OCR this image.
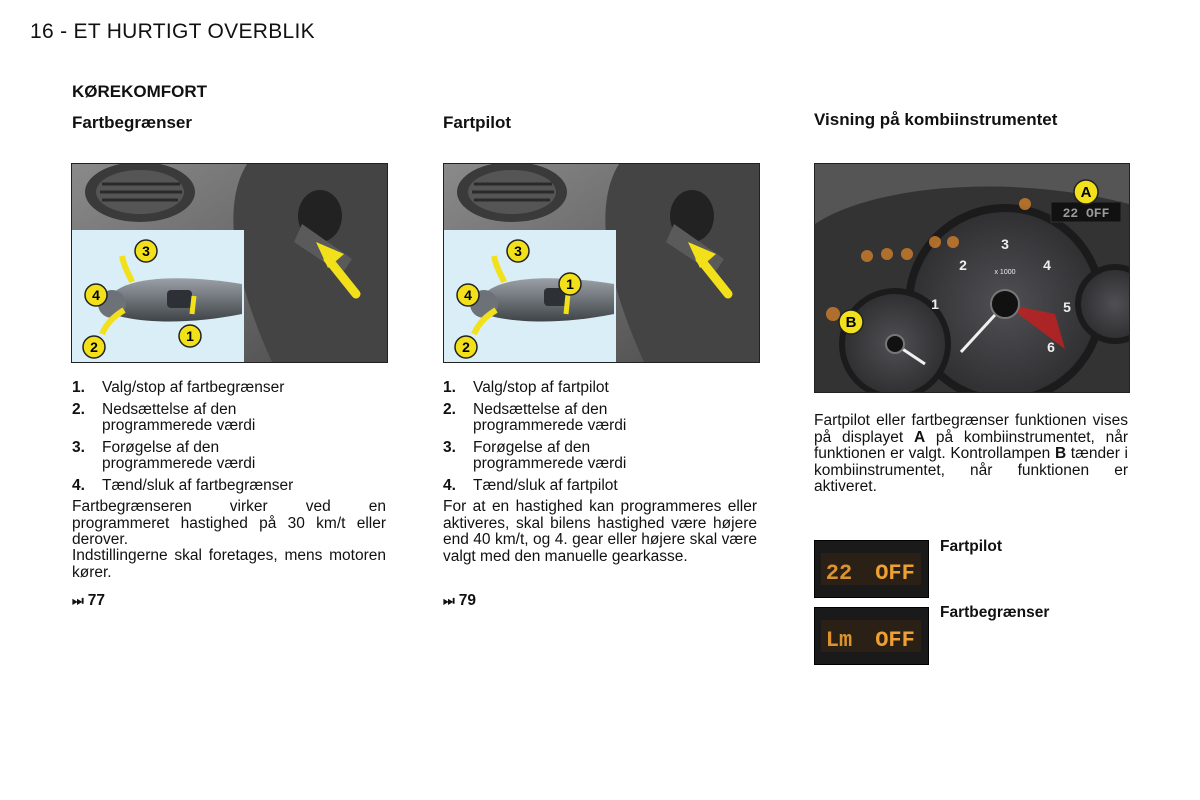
16 - ET HURTIGT OVERBLIK
KØREKOMFORT
Fartbegrænser
1
2
3
4
1.	Valg/stop af fartbegrænser
2.	Nedsættelse af den
programmerede værdi
3.	Forøgelse af den
programmerede værdi
4.	Tænd/sluk af fartbegrænser
Fartbegrænseren virker ved en programmeret hastighed på 30 km/t eller derover.
Indstillingerne skal foretages, mens motoren kører.
⏭ 77
Fartpilot
1
2
3
4
1.	Valg/stop af fartpilot
2.	Nedsættelse af den
programmerede værdi
3.	Forøgelse af den
programmerede værdi
4.	Tænd/sluk af fartpilot
For at en hastighed kan programmeres eller aktiveres, skal bilens hastighed være højere end 40 km/t, og 4. gear eller højere skal være valgt med den manuelle gearkasse.
⏭ 79
Visning på kombiinstrumentet
1
2
3
4
5
6
x 1000
22 OFF
A
B
Fartpilot eller fartbegrænser funktionen vises på displayet A på kombiinstrumentet, når funktionen er valgt. Kontrollampen B tænder i kombiinstrumentet, når funktionen er aktiveret.
22 OFF
Fartpilot
Lm OFF
Fartbegrænser
